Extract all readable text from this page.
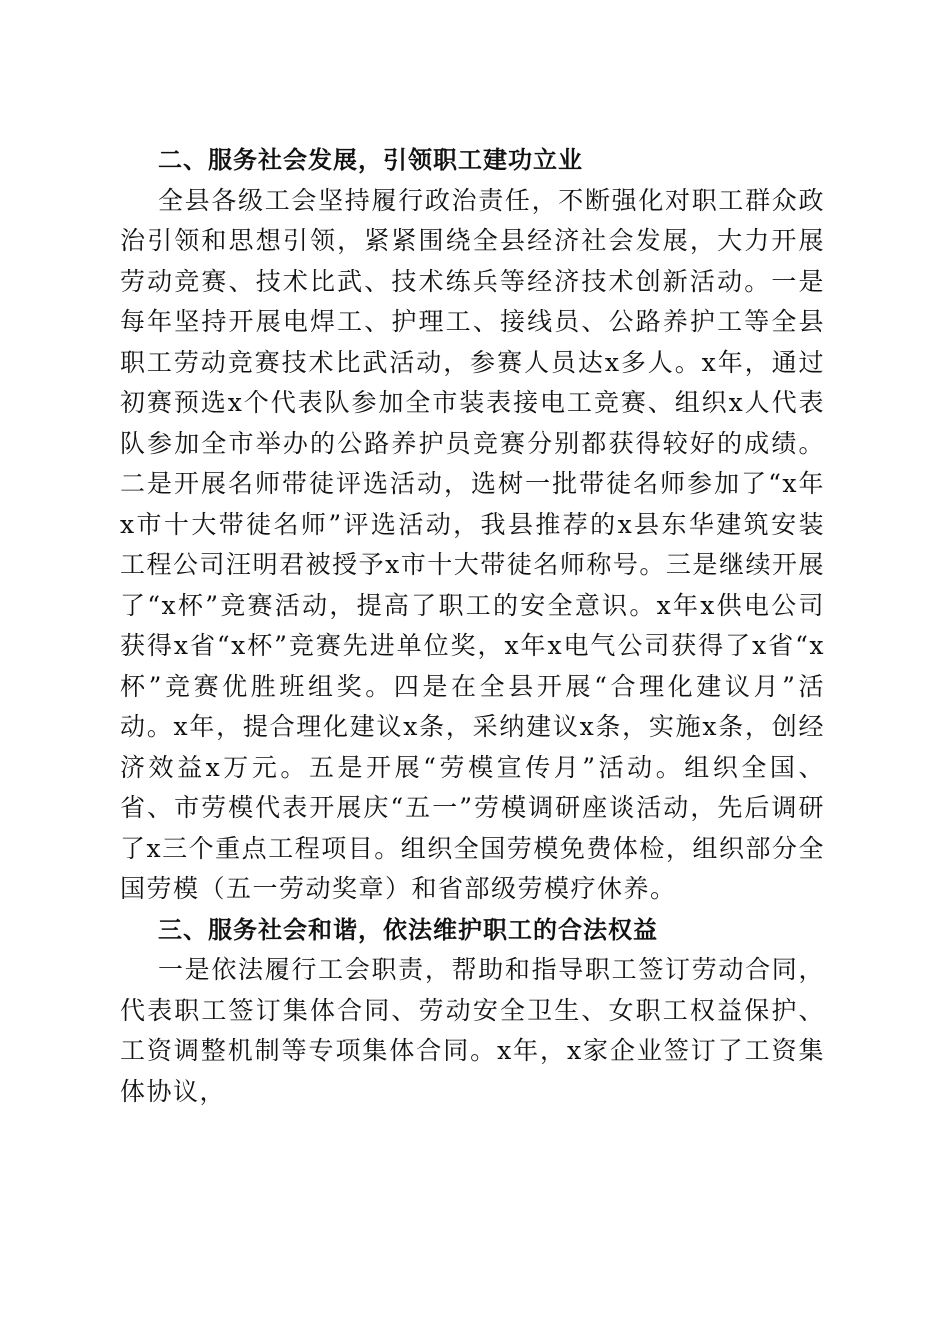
二、服务社会发展，引领职工建功立业

全县各级工会坚持履行政治责任，不断强化对职工群众政治引领和思想引领，紧紧围绕全县经济社会发展，大力开展劳动竞赛、技术比武、技术练兵等经济技术创新活动。一是每年坚持开展电焊工、护理工、接线员、公路养护工等全县职工劳动竞赛技术比武活动，参赛人员达x多人。x年，通过初赛预选x个代表队参加全市装表接电工竞赛、组织x人代表队参加全市举办的公路养护员竞赛分别都获得较好的成绩。二是开展名师带徒评选活动，选树一批带徒名师参加了“x年x市十大带徒名师”评选活动，我县推荐的x县东华建筑安装工程公司汪明君被授予x市十大带徒名师称号。三是继续开展了“x杯”竞赛活动，提高了职工的安全意识。x年x供电公司获得x省“x杯”竞赛先进单位奖，x年x电气公司获得了x省“x杯”竞赛优胜班组奖。四是在全县开展“合理化建议月”活动。x年，提合理化建议x条，采纳建议x条，实施x条，创经济效益x万元。五是开展“劳模宣传月”活动。组织全国、省、市劳模代表开展庆“五一”劳模调研座谈活动，先后调研了x三个重点工程项目。组织全国劳模免费体检，组织部分全国劳模（五一劳动奖章）和省部级劳模疗休养。

三、服务社会和谐，依法维护职工的合法权益

一是依法履行工会职责，帮助和指导职工签订劳动合同，代表职工签订集体合同、劳动安全卫生、女职工权益保护、工资调整机制等专项集体合同。x年，x家企业签订了工资集体协议，
